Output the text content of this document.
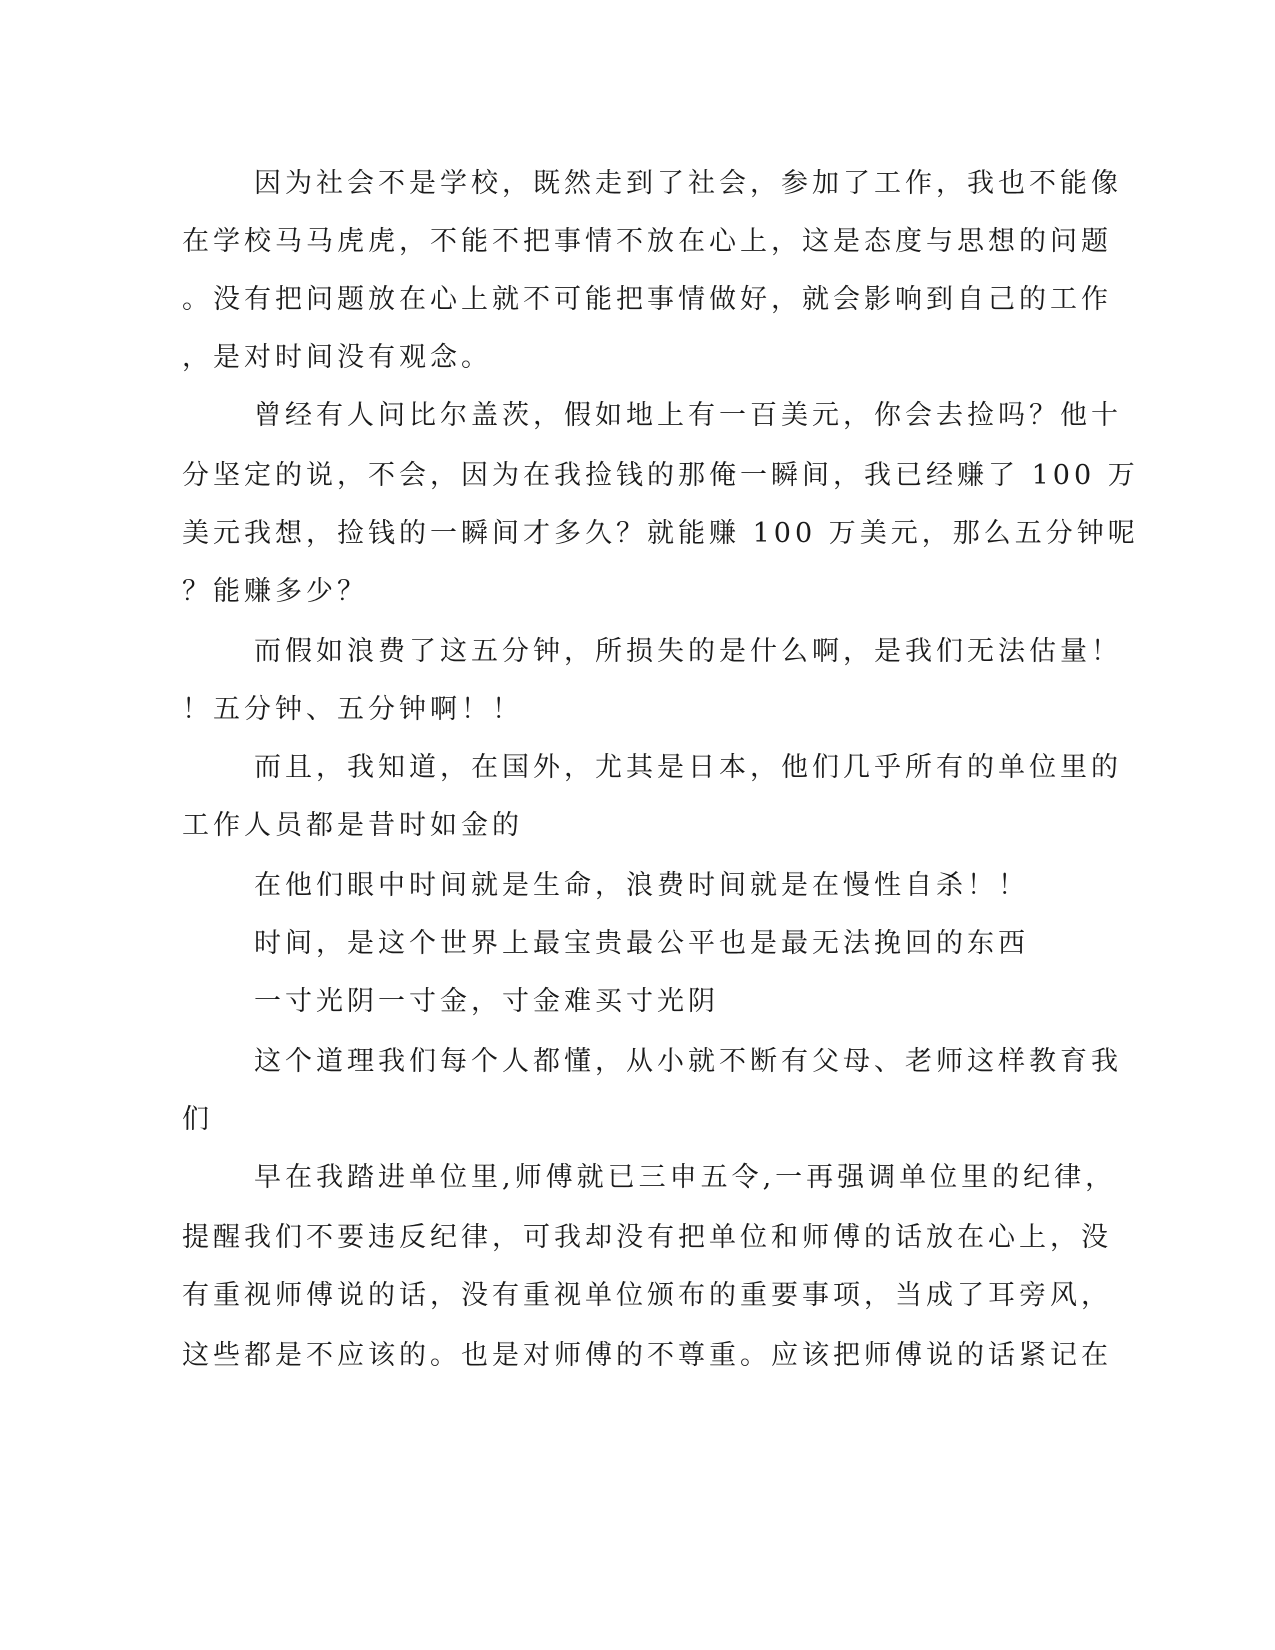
因为社会不是学校，既然走到了社会，参加了工作，我也不能像
在学校马马虎虎，不能不把事情不放在心上，这是态度与思想的问题
。没有把问题放在心上就不可能把事情做好，就会影响到自己的工作
，是对时间没有观念。
曾经有人问比尔盖茨，假如地上有一百美元，你会去捡吗？他十
分坚定的说，不会，因为在我捡钱的那俺一瞬间，我已经赚了 100 万
美元我想，捡钱的一瞬间才多久？就能赚 100 万美元，那么五分钟呢
？能赚多少？
而假如浪费了这五分钟，所损失的是什么啊，是我们无法估量！
！五分钟、五分钟啊！！
而且，我知道，在国外，尤其是日本，他们几乎所有的单位里的
工作人员都是昔时如金的
在他们眼中时间就是生命，浪费时间就是在慢性自杀！！
时间，是这个世界上最宝贵最公平也是最无法挽回的东西
一寸光阴一寸金，寸金难买寸光阴
这个道理我们每个人都懂，从小就不断有父母、老师这样教育我
们
早在我踏进单位里,师傅就已三申五令,一再强调单位里的纪律，
提醒我们不要违反纪律，可我却没有把单位和师傅的话放在心上，没
有重视师傅说的话，没有重视单位颁布的重要事项，当成了耳旁风，
这些都是不应该的。也是对师傅的不尊重。应该把师傅说的话紧记在
